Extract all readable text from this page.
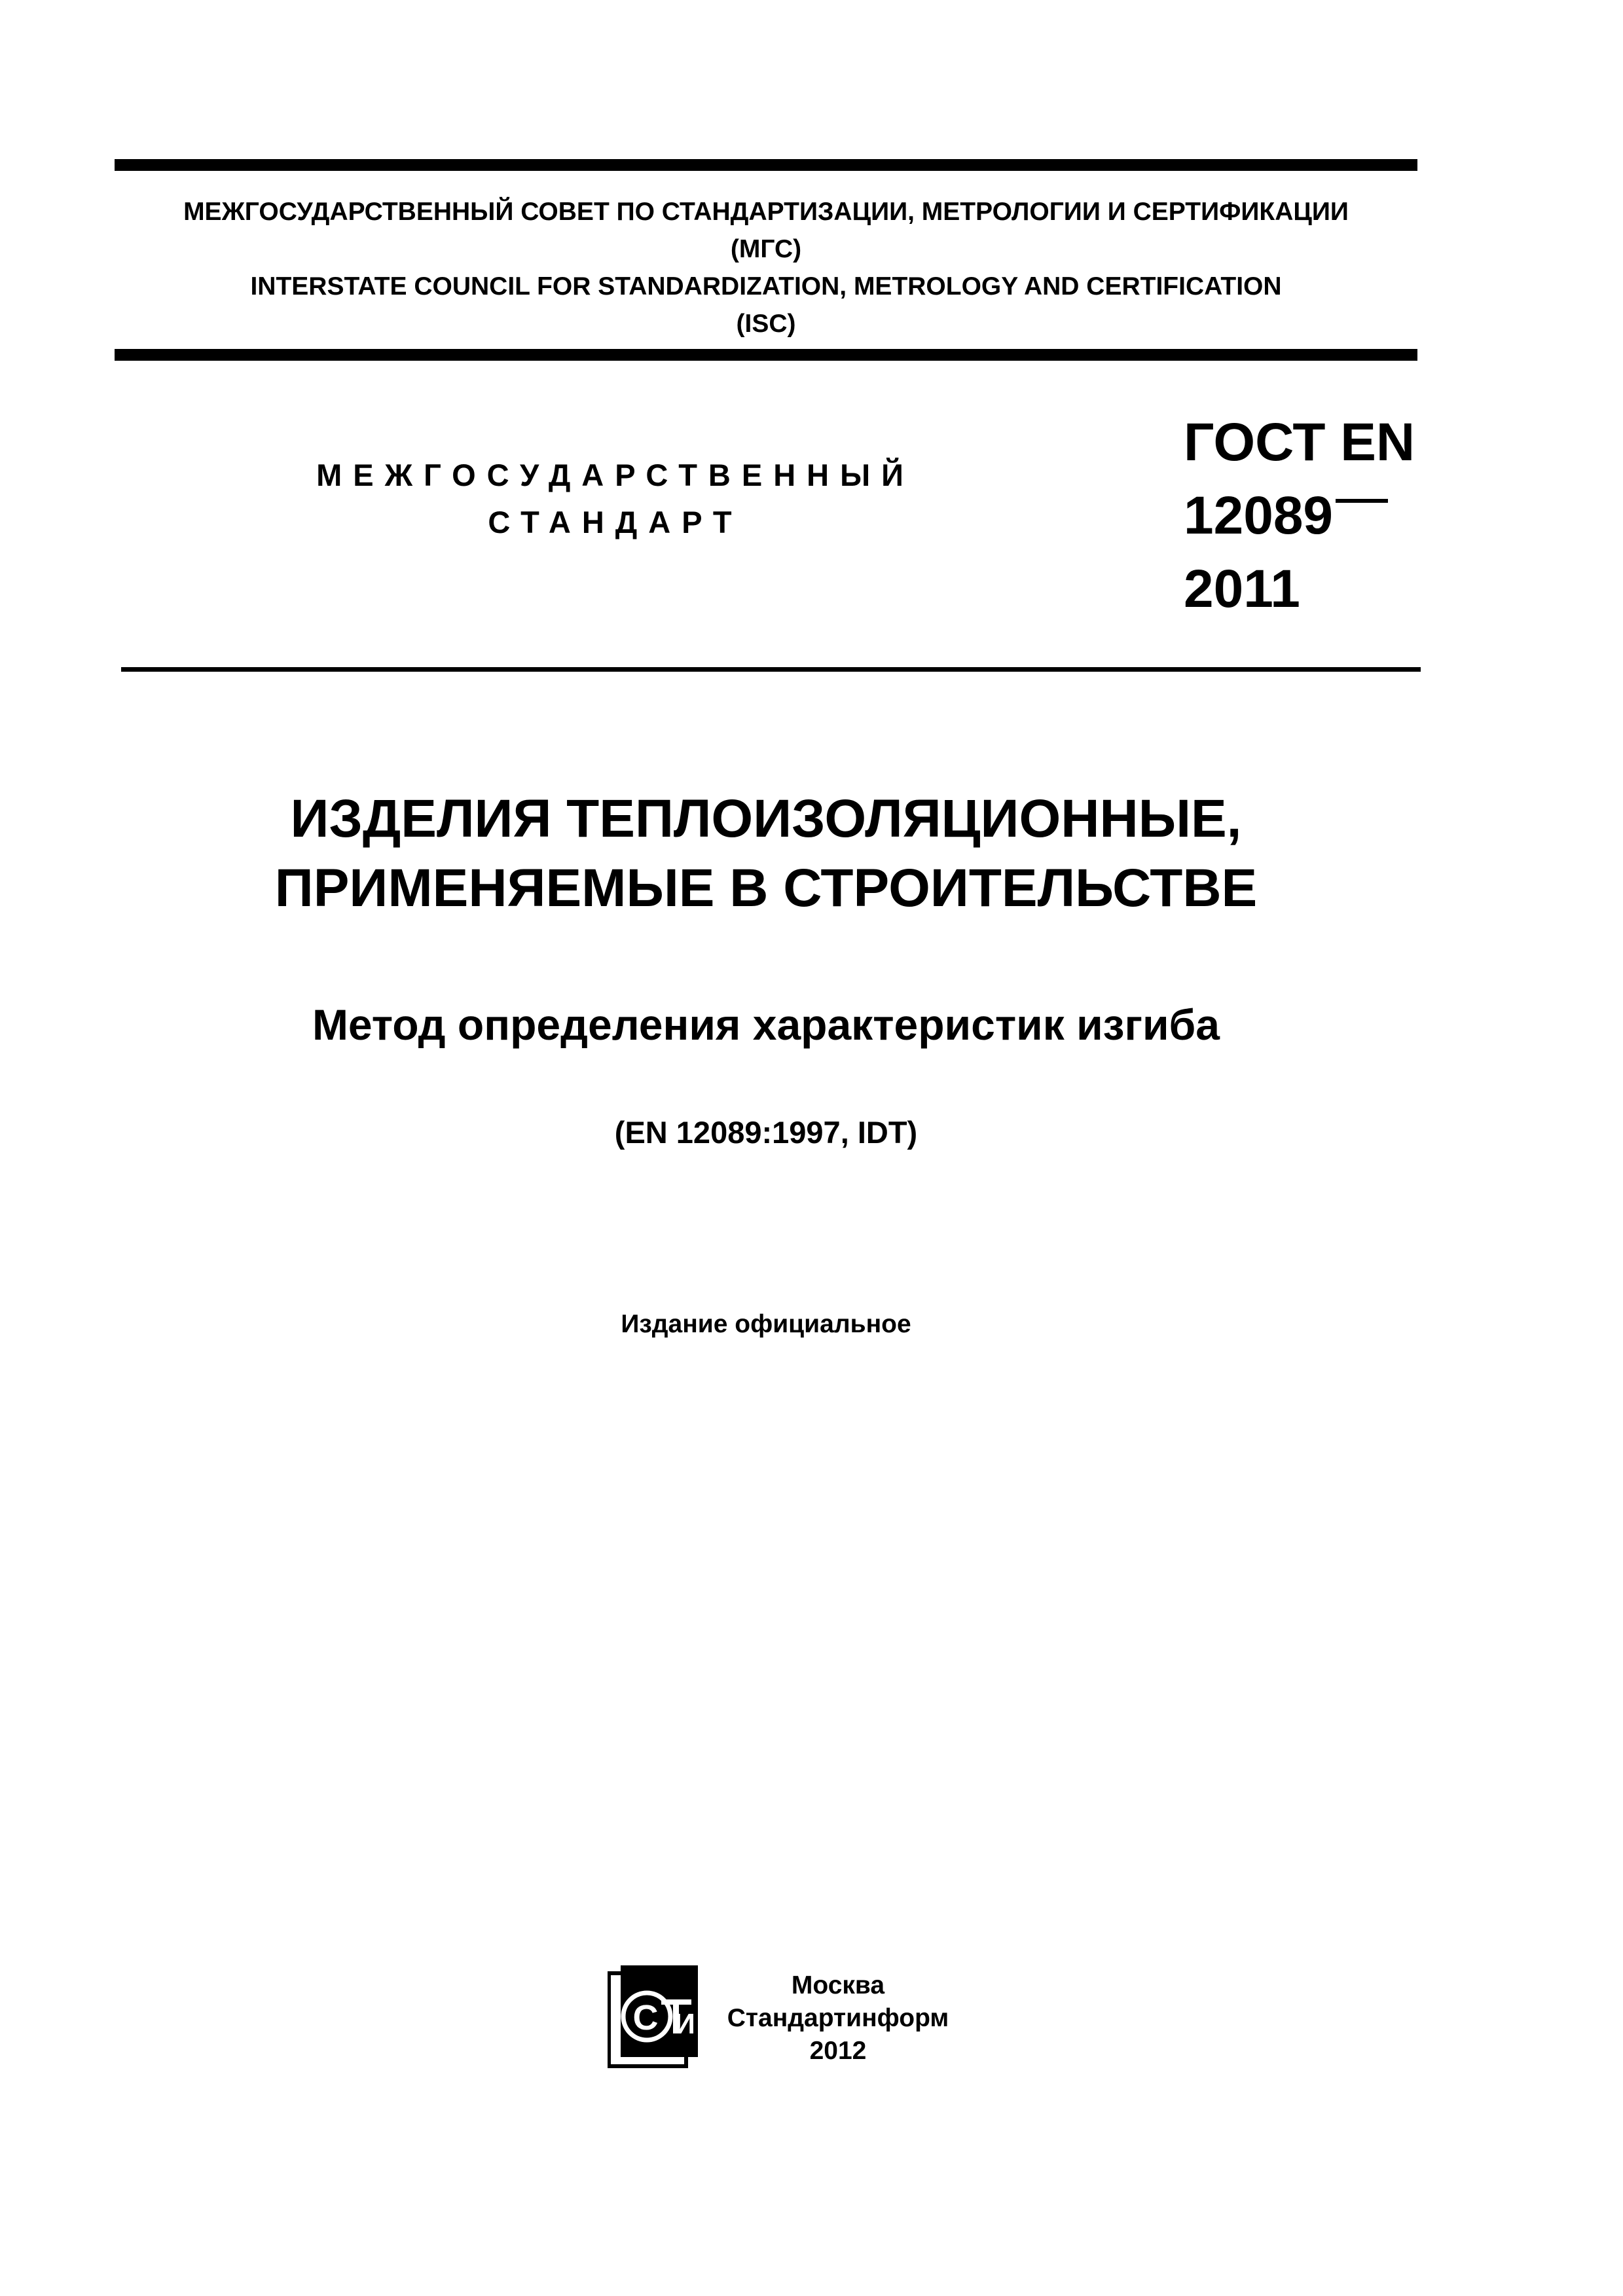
МЕЖГОСУДАРСТВЕННЫЙ СОВЕТ ПО СТАНДАРТИЗАЦИИ, МЕТРОЛОГИИ И СЕРТИФИКАЦИИ
(МГС)
INTERSTATE COUNCIL FOR STANDARDIZATION, METROLOGY AND CERTIFICATION
(ISC)
МЕЖГОСУДАРСТВЕННЫЙ
СТАНДАРТ
ГОСТ EN
12089
2011
ИЗДЕЛИЯ ТЕПЛОИЗОЛЯЦИОННЫЕ,
ПРИМЕНЯЕМЫЕ В СТРОИТЕЛЬСТВЕ
Метод определения характеристик изгиба
(EN 12089:1997, IDT)
Издание официальное
С И
Москва
Стандартинформ
2012
